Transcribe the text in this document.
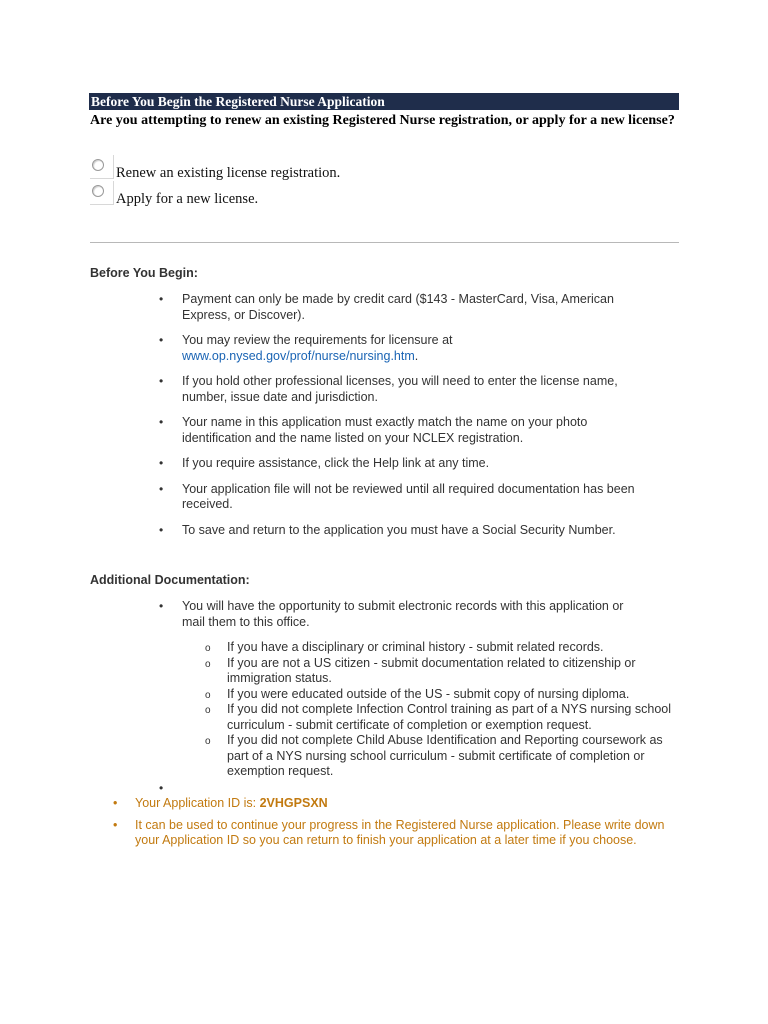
Before You Begin the Registered Nurse Application
Are you attempting to renew an existing Registered Nurse registration, or apply for a new license?
Renew an existing license registration.
Apply for a new license.
Before You Begin:
• Payment can only be made by credit card ($143 - MasterCard, Visa, American Express, or Discover).
• You may review the requirements for licensure at www.op.nysed.gov/prof/nurse/nursing.htm.
• If you hold other professional licenses, you will need to enter the license name, number, issue date and jurisdiction.
• Your name in this application must exactly match the name on your photo identification and the name listed on your NCLEX registration.
• If you require assistance, click the Help link at any time.
• Your application file will not be reviewed until all required documentation has been received.
• To save and return to the application you must have a Social Security Number.
Additional Documentation:
• You will have the opportunity to submit electronic records with this application or mail them to this office.
o If you have a disciplinary or criminal history - submit related records.
o If you are not a US citizen - submit documentation related to citizenship or immigration status.
o If you were educated outside of the US - submit copy of nursing diploma.
o If you did not complete Infection Control training as part of a NYS nursing school curriculum - submit certificate of completion or exemption request.
o If you did not complete Child Abuse Identification and Reporting coursework as part of a NYS nursing school curriculum - submit certificate of completion or exemption request.
•

• Your Application ID is: 2VHGPSXN
• It can be used to continue your progress in the Registered Nurse application. Please write down your Application ID so you can return to finish your application at a later time if you choose.
